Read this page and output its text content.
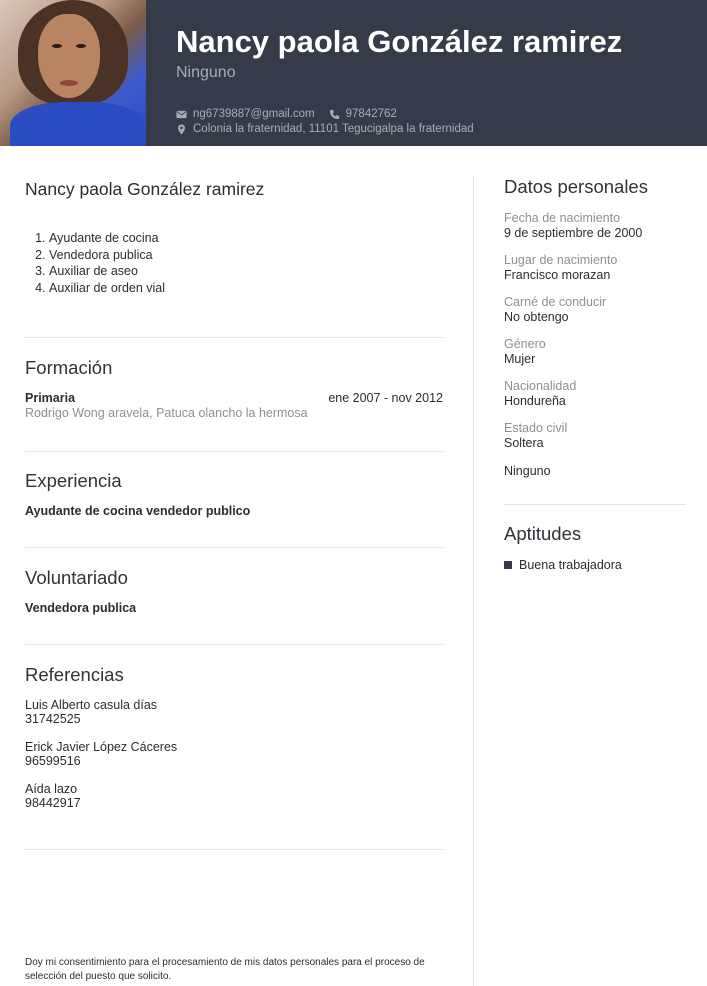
Nancy paola González ramirez
Ninguno
ng6739887@gmail.com	97842762
Colonia la fraternidad, 11101 Tegucigalpa la fraternidad
Nancy paola González ramirez
1. Ayudante de cocina
2. Vendedora publica
3. Auxiliar de aseo
4. Auxiliar de orden vial
Formación
Primaria	ene 2007 - nov 2012
Rodrigo Wong aravela, Patuca olancho la hermosa
Experiencia
Ayudante de cocina vendedor publico
Voluntariado
Vendedora publica
Referencias
Luis Alberto casula días
31742525
Erick Javier López Cáceres
96599516
Aída lazo
98442917
Doy mi consentimiento para el procesamiento de mis datos personales para el proceso de selección del puesto que solicito.
Datos personales
Fecha de nacimiento
9 de septiembre de 2000
Lugar de nacimiento
Francisco morazan
Carné de conducir
No obtengo
Género
Mujer
Nacionalidad
Hondureña
Estado civil
Soltera
Ninguno
Aptitudes
Buena trabajadora
